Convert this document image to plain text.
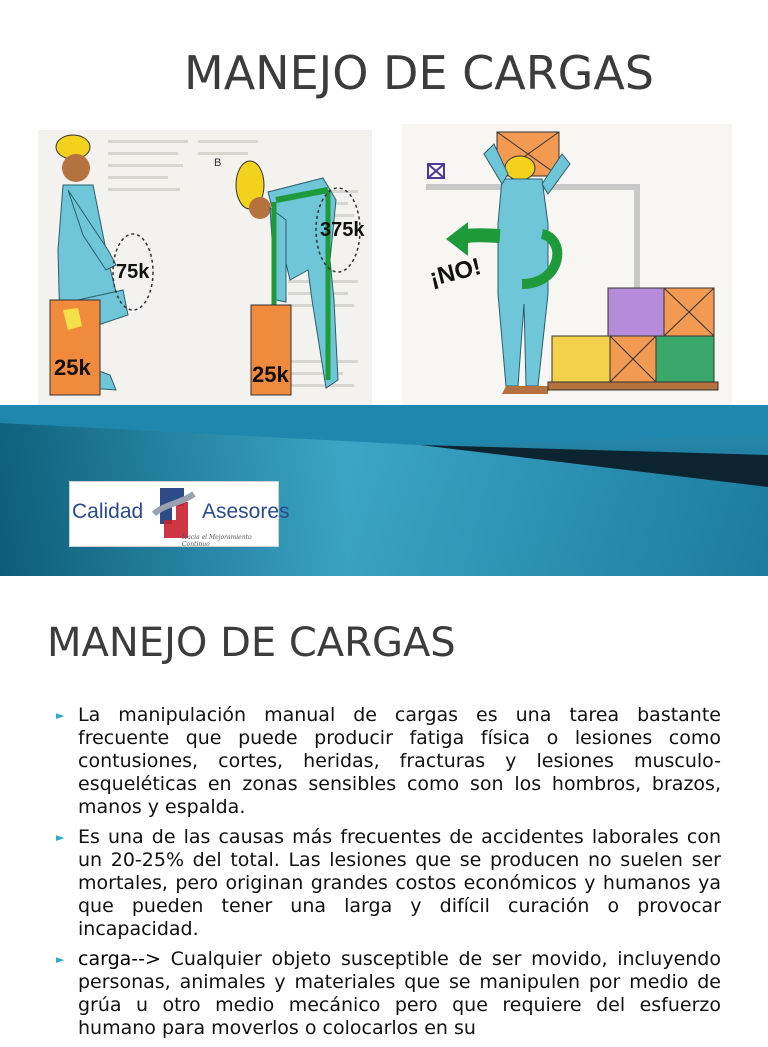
MANEJO DE CARGAS
75k
25k
B
375k
25k
¡NO!
Calidad	Asesores
Hacia el Mejoramiento Continuo
MANEJO DE CARGAS
► La manipulación manual de cargas es una tarea bastante frecuente que puede producir fatiga física o lesiones como contusiones, cortes, heridas, fracturas y lesiones musculo-esqueléticas en zonas sensibles como son los hombros, brazos, manos y espalda.
► Es una de las causas más frecuentes de accidentes laborales con un 20-25% del total. Las lesiones que se producen no suelen ser mortales, pero originan grandes costos económicos y humanos ya que pueden tener una larga y difícil curación o provocar incapacidad.
► carga--> Cualquier objeto susceptible de ser movido, incluyendo personas, animales y materiales que se manipulen por medio de grúa u otro medio mecánico pero que requiere del esfuerzo humano para moverlos o colocarlos en su
